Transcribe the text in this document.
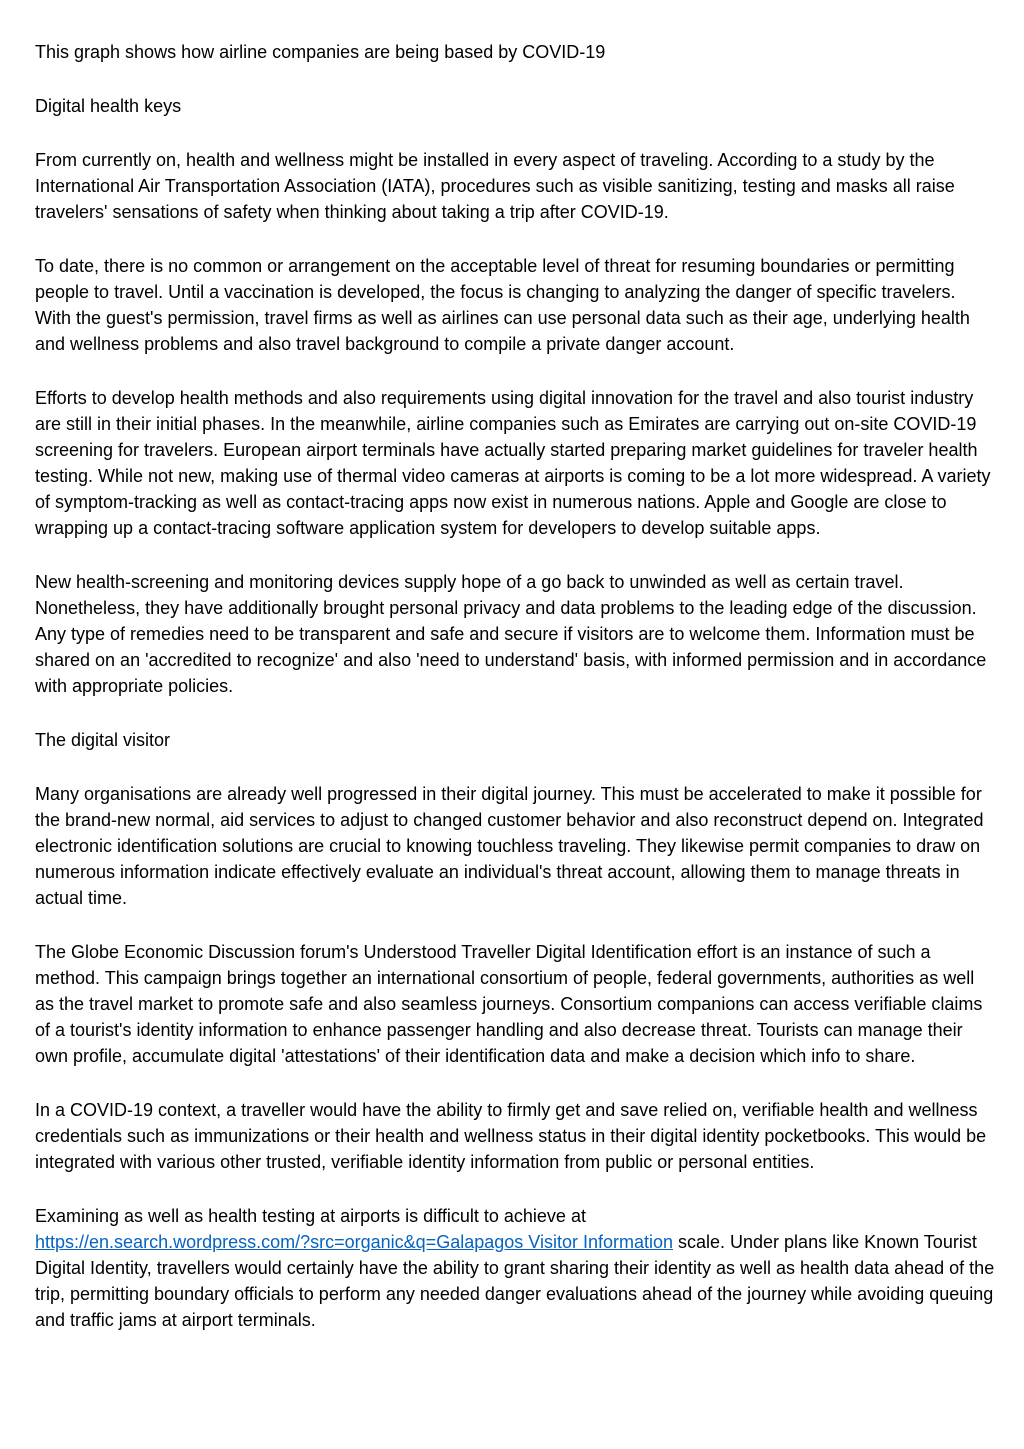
This graph shows how airline companies are being based by COVID-19

Digital health keys

From currently on, health and wellness might be installed in every aspect of traveling. According to a study by the International Air Transportation Association (IATA), procedures such as visible sanitizing, testing and masks all raise travelers' sensations of safety when thinking about taking a trip after COVID-19.

To date, there is no common or arrangement on the acceptable level of threat for resuming boundaries or permitting people to travel. Until a vaccination is developed, the focus is changing to analyzing the danger of specific travelers. With the guest's permission, travel firms as well as airlines can use personal data such as their age, underlying health and wellness problems and also travel background to compile a private danger account.

Efforts to develop health methods and also requirements using digital innovation for the travel and also tourist industry are still in their initial phases. In the meanwhile, airline companies such as Emirates are carrying out on-site COVID-19 screening for travelers. European airport terminals have actually started preparing market guidelines for traveler health testing. While not new, making use of thermal video cameras at airports is coming to be a lot more widespread. A variety of symptom-tracking as well as contact-tracing apps now exist in numerous nations. Apple and Google are close to wrapping up a contact-tracing software application system for developers to develop suitable apps.

New health-screening and monitoring devices supply hope of a go back to unwinded as well as certain travel. Nonetheless, they have additionally brought personal privacy and data problems to the leading edge of the discussion. Any type of remedies need to be transparent and safe and secure if visitors are to welcome them. Information must be shared on an 'accredited to recognize' and also 'need to understand' basis, with informed permission and in accordance with appropriate policies.

The digital visitor

Many organisations are already well progressed in their digital journey. This must be accelerated to make it possible for the brand-new normal, aid services to adjust to changed customer behavior and also reconstruct depend on. Integrated electronic identification solutions are crucial to knowing touchless traveling. They likewise permit companies to draw on numerous information indicate effectively evaluate an individual's threat account, allowing them to manage threats in actual time.

The Globe Economic Discussion forum's Understood Traveller Digital Identification effort is an instance of such a method. This campaign brings together an international consortium of people, federal governments, authorities as well as the travel market to promote safe and also seamless journeys. Consortium companions can access verifiable claims of a tourist's identity information to enhance passenger handling and also decrease threat. Tourists can manage their own profile, accumulate digital 'attestations' of their identification data and make a decision which info to share.

In a COVID-19 context, a traveller would have the ability to firmly get and save relied on, verifiable health and wellness credentials such as immunizations or their health and wellness status in their digital identity pocketbooks. This would be integrated with various other trusted, verifiable identity information from public or personal entities.

Examining as well as health testing at airports is difficult to achieve at
https://en.search.wordpress.com/?src=organic&q=Galapagos Visitor Information scale. Under plans like Known Tourist Digital Identity, travellers would certainly have the ability to grant sharing their identity as well as health data ahead of the trip, permitting boundary officials to perform any needed danger evaluations ahead of the journey while avoiding queuing and traffic jams at airport terminals.
